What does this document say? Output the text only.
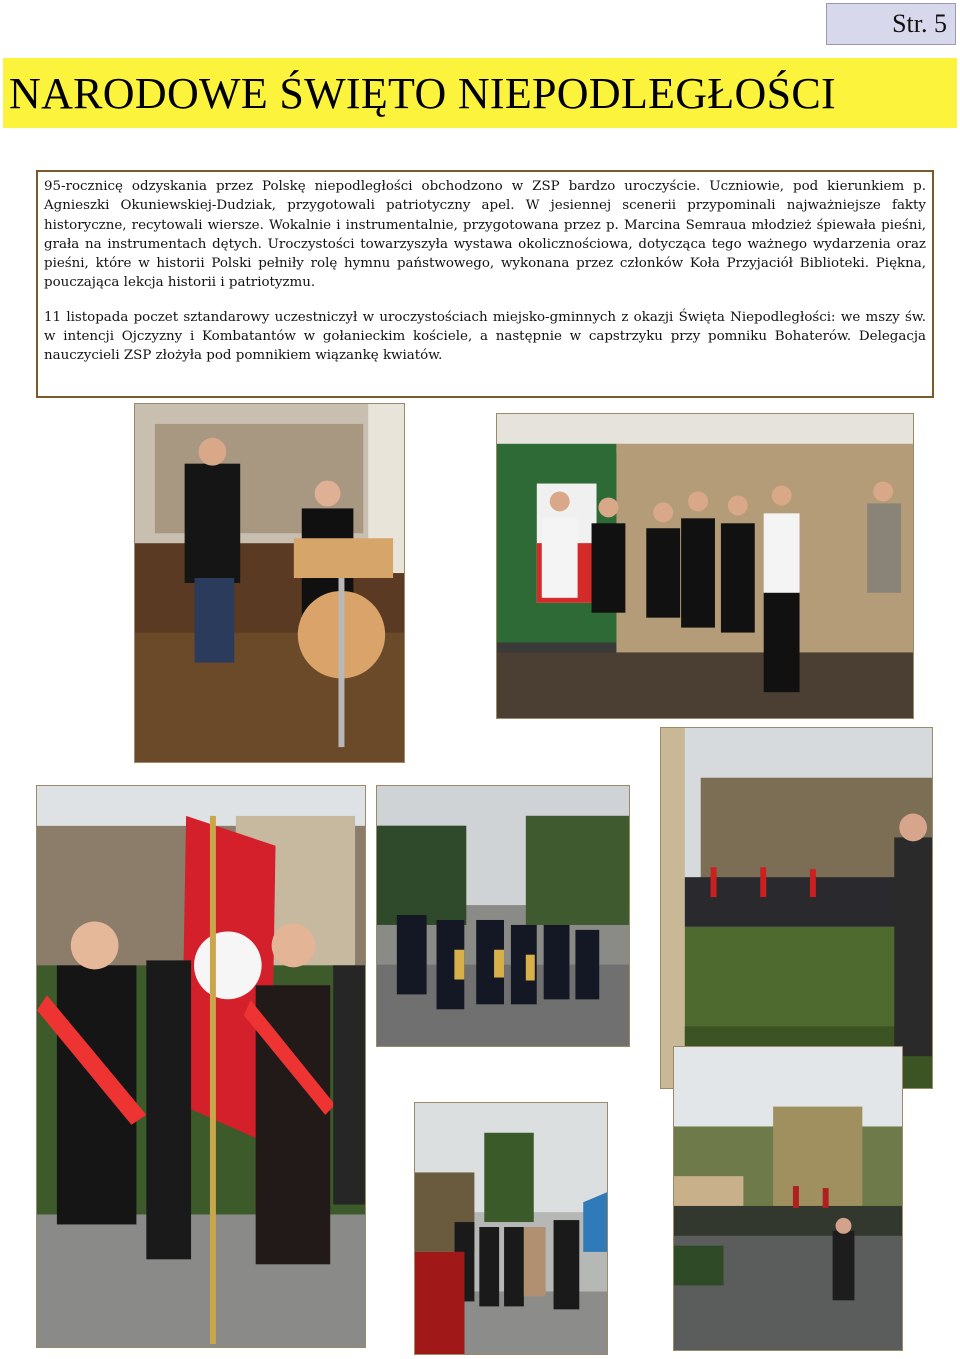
Str. 5
NARODOWE ŚWIĘTO NIEPODLEGŁOŚCI

95-rocznicę odzyskania przez Polskę niepodległości obchodzono w ZSP bardzo uroczyście. Uczniowie, pod kierunkiem p. Agnieszki Okuniewskiej-Dudziak, przygotowali patriotyczny apel. W jesiennej scenerii przypominali najważniejsze fakty historyczne, recytowali wiersze. Wokalnie i instrumentalnie, przygotowana przez p. Marcina Semraua młodzież śpiewała pieśni, grała na instrumentach dętych. Uroczystości towarzyszyła wystawa okolicznościowa, dotycząca tego ważnego wydarzenia oraz pieśni, które w historii Polski pełniły rolę hymnu państwowego, wykonana przez członków Koła Przyjaciół Biblioteki. Piękna, pouczająca lekcja historii i patriotyzmu.

11 listopada poczet sztandarowy uczestniczył w uroczystościach miejsko-gminnych z okazji Święta Niepodległości: we mszy św. w intencji Ojczyzny i Kombatantów w gołanieckim kościele, a następnie w capstrzyku przy pomniku Bohaterów. Delegacja nauczycieli ZSP złożyła pod pomnikiem wiązankę kwiatów.
